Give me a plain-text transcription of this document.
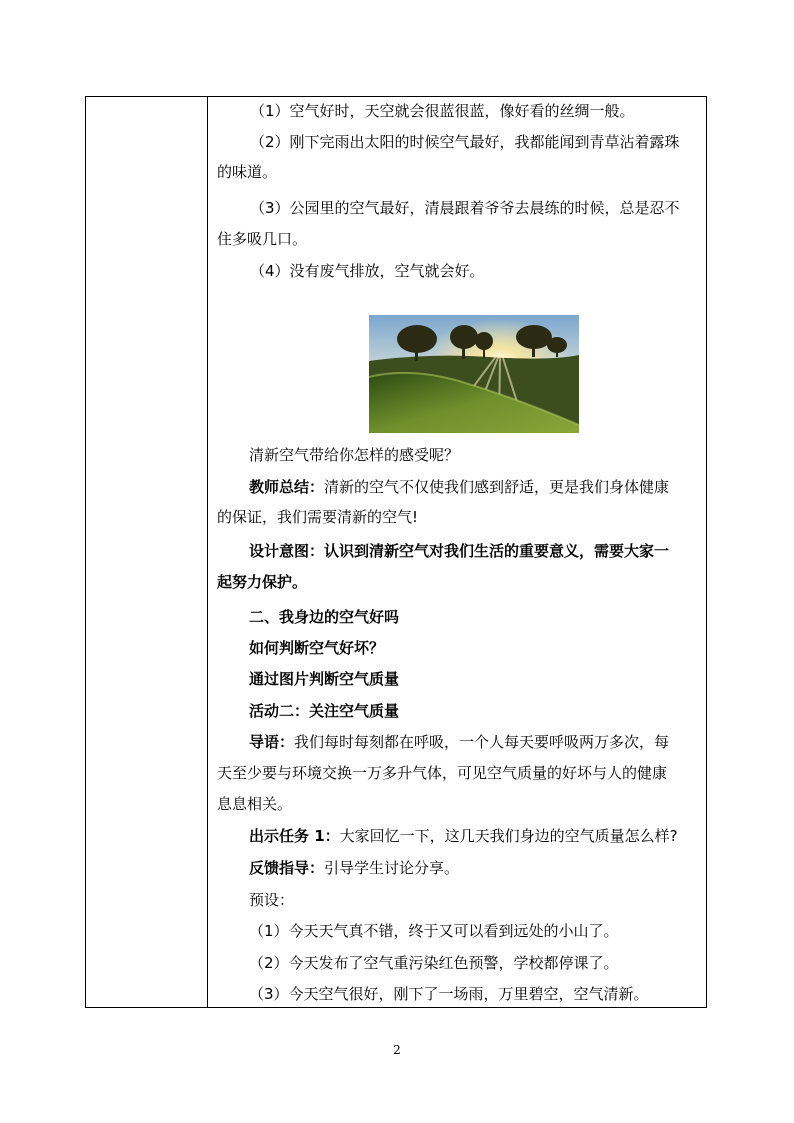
（1）空气好时，天空就会很蓝很蓝，像好看的丝绸一般。
（2）刚下完雨出太阳的时候空气最好，我都能闻到青草沾着露珠
的味道。
（3）公园里的空气最好，清晨跟着爷爷去晨练的时候，总是忍不
住多吸几口。
（4）没有废气排放，空气就会好。
清新空气带给你怎样的感受呢？
教师总结：清新的空气不仅使我们感到舒适，更是我们身体健康
的保证，我们需要清新的空气!
设计意图：认识到清新空气对我们生活的重要意义，需要大家一
起努力保护。
二、我身边的空气好吗
如何判断空气好坏？
通过图片判断空气质量
活动二：关注空气质量
导语：我们每时每刻都在呼吸，一个人每天要呼吸两万多次，每
天至少要与环境交换一万多升气体，可见空气质量的好坏与人的健康
息息相关。
出示任务 1：大家回忆一下，这几天我们身边的空气质量怎么样?
反馈指导：引导学生讨论分享。
预设：
（1）今天天气真不错，终于又可以看到远处的小山了。
（2）今天发布了空气重污染红色预警，学校都停课了。
（3）今天空气很好，刚下了一场雨，万里碧空，空气清新。
2
